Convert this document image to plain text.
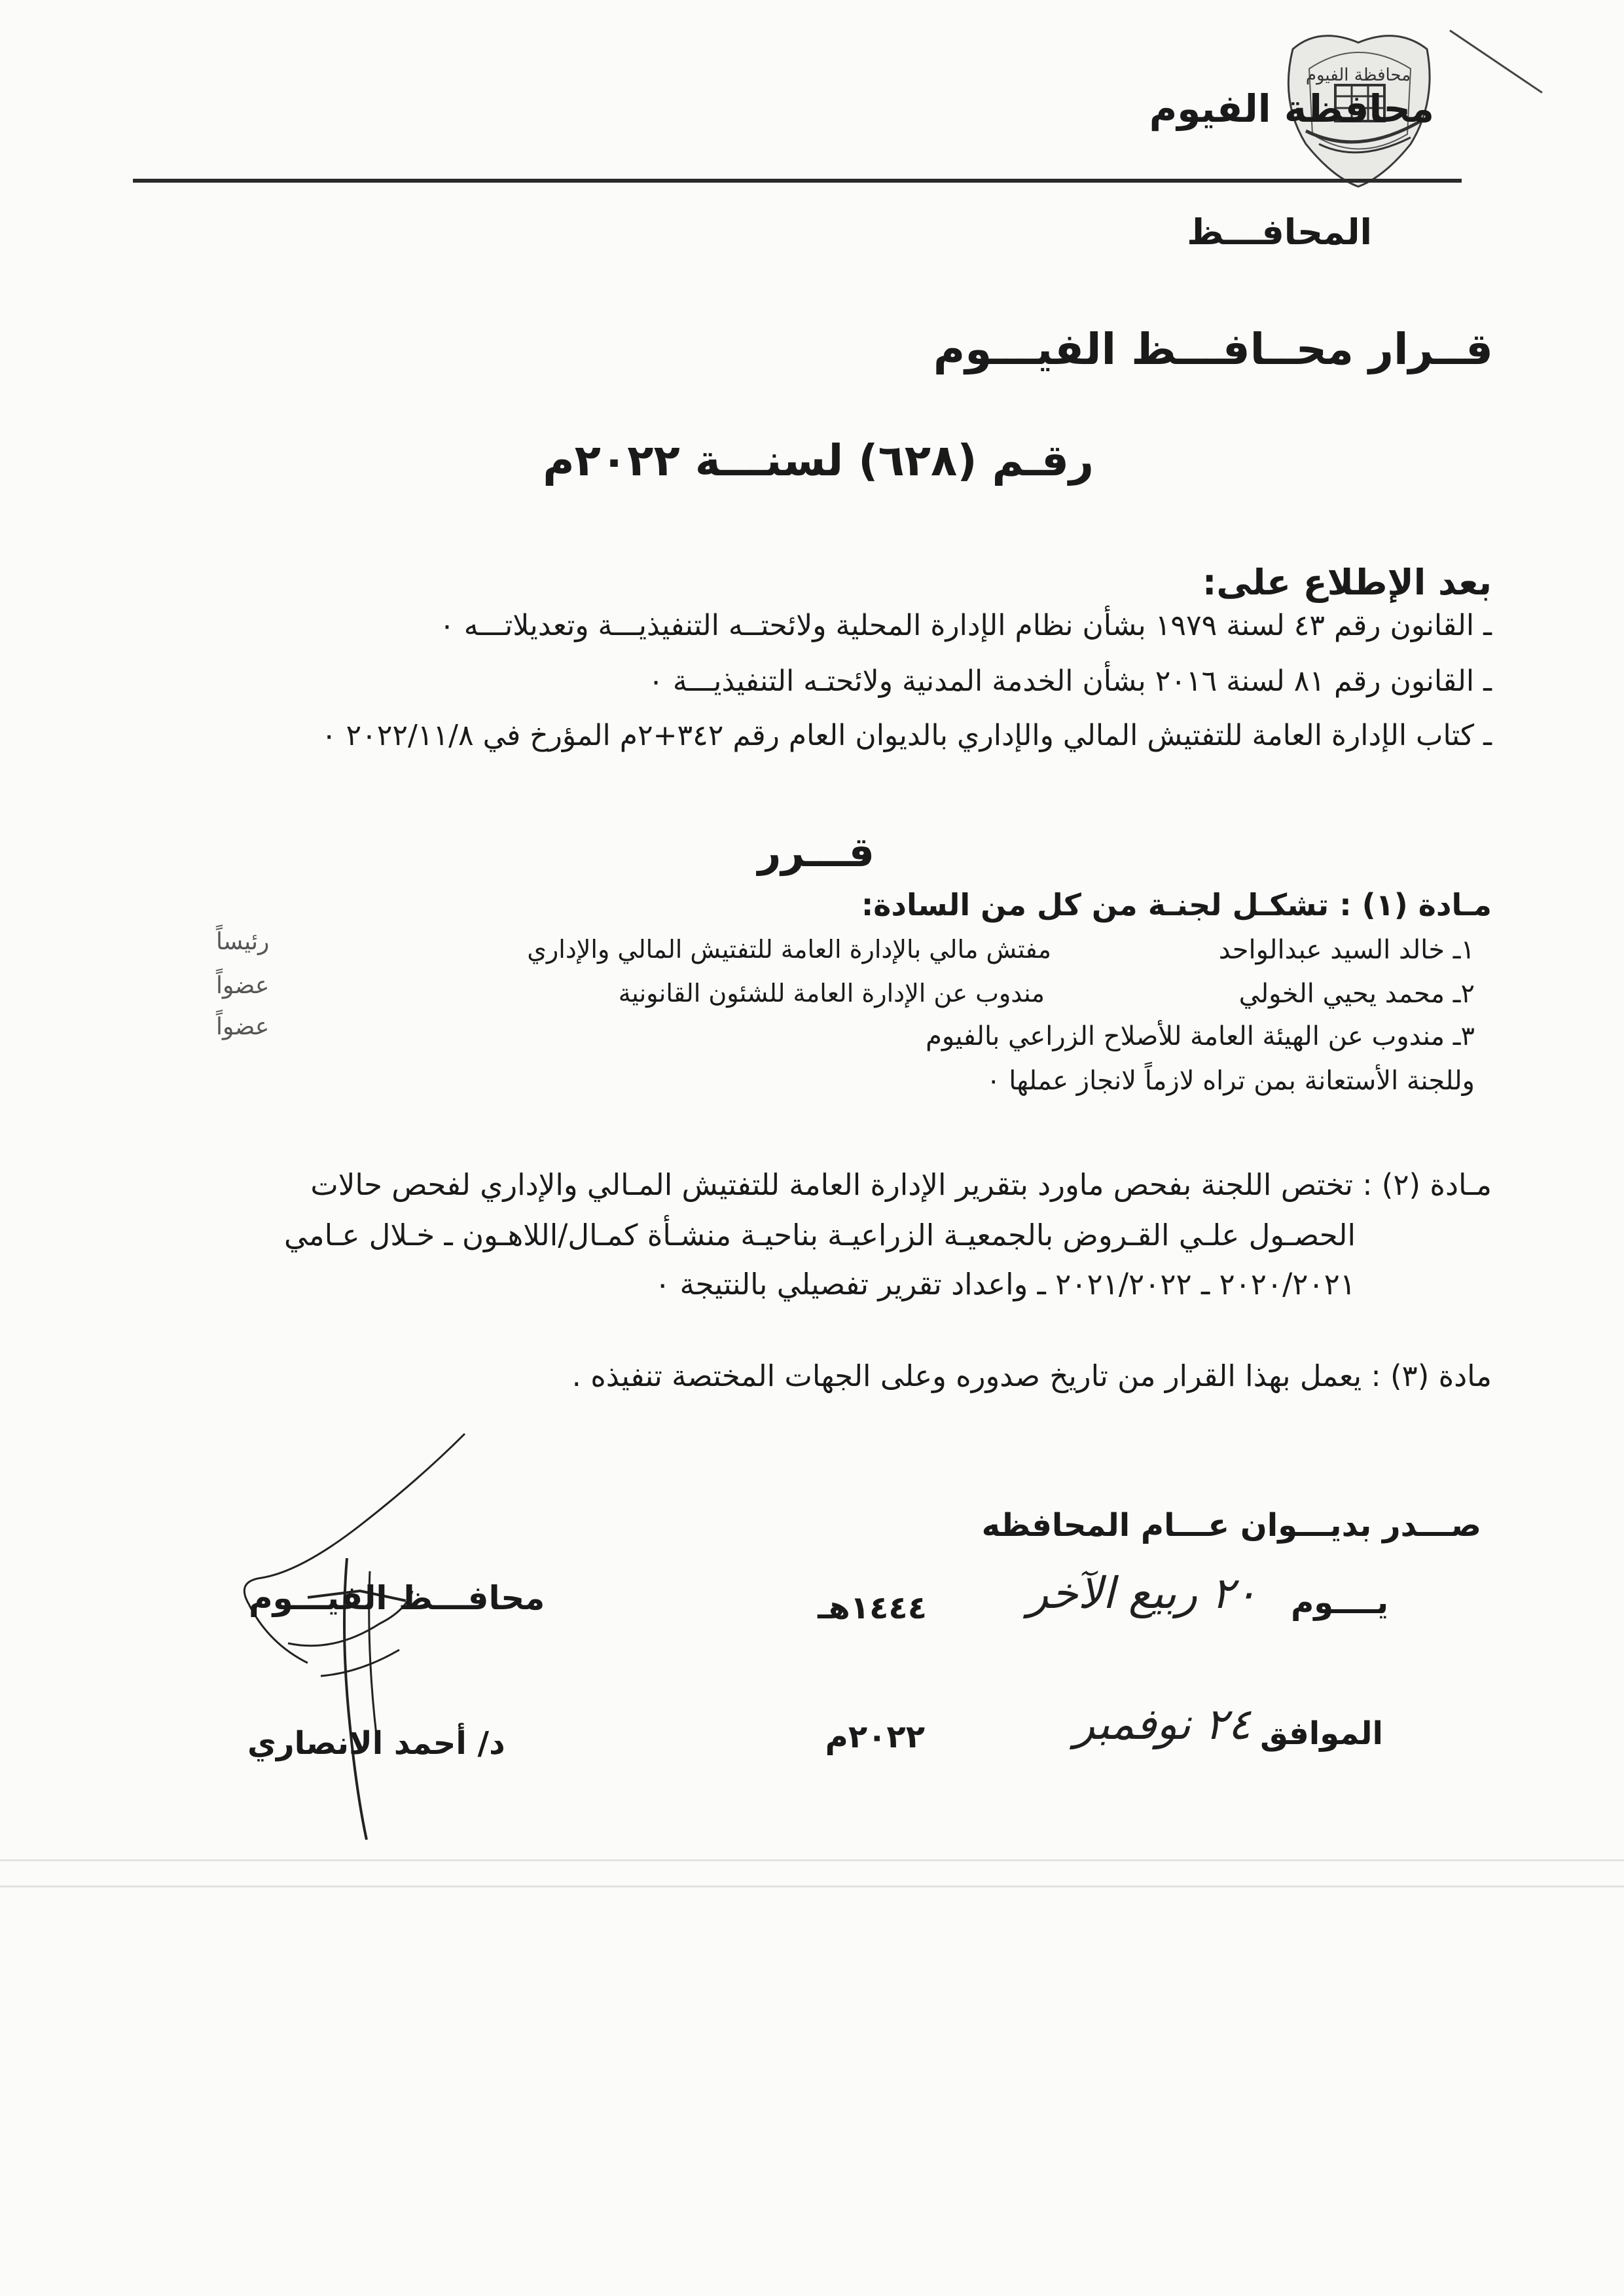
محافظة الفيوم
محافظة الفيوم
المحافـــظ
قــرار محــافـــظ الفيـــوم
رقـم (٦٢٨) لسنـــة ٢٠٢٢م
بعد الإطلاع على:
ـ القانون رقم ٤٣ لسنة ١٩٧٩ بشأن نظام الإدارة المحلية ولائحتــه التنفيذيـــة وتعديلاتـــه ٠
ـ القانون رقم ٨١ لسنة ٢٠١٦ بشأن الخدمة المدنية ولائحتـه التنفيذيـــة ٠
ـ كتاب الإدارة العامة للتفتيش المالي والإداري بالديوان العام رقم ٣٤٢+٢م المؤرخ في ٢٠٢٢/١١/٨ ٠
قـــرر
مـادة (١) : تشكـل لجنـة من كل من السادة:
١ـ خالد السيد عبدالواحد
مفتش مالي بالإدارة العامة للتفتيش المالي والإداري
رئيساً
٢ـ محمد يحيي الخولي
مندوب عن الإدارة العامة للشئون القانونية
عضواً
٣ـ مندوب عن الهيئة العامة للأصلاح الزراعي بالفيوم
عضواً
وللجنة الأستعانة بمن تراه لازماً لانجاز عملها ٠
مـادة (٢) : تختص اللجنة بفحص ماورد بتقرير الإدارة العامة للتفتيش المـالي والإداري لفحص حالات
الحصـول علـي القـروض بالجمعيـة الزراعيـة بناحيـة منشـأة كمـال/اللاهـون ـ خـلال عـامي
٢٠٢٠/٢٠٢١ ـ ٢٠٢١/٢٠٢٢ ـ واعداد تقرير تفصيلي بالنتيجة ٠
مادة (٣) : يعمل بهذا القرار من تاريخ صدوره وعلى الجهات المختصة تنفيذه .
صـــدر بديـــوان عـــام المحافظه
يــــوم
٢٠ ربيع الآخر
١٤٤٤هـ
الموافق
٢٤ نوفمبر
٢٠٢٢م
محافـــظ الفيـــوم
د/ أحمد الانصاري
